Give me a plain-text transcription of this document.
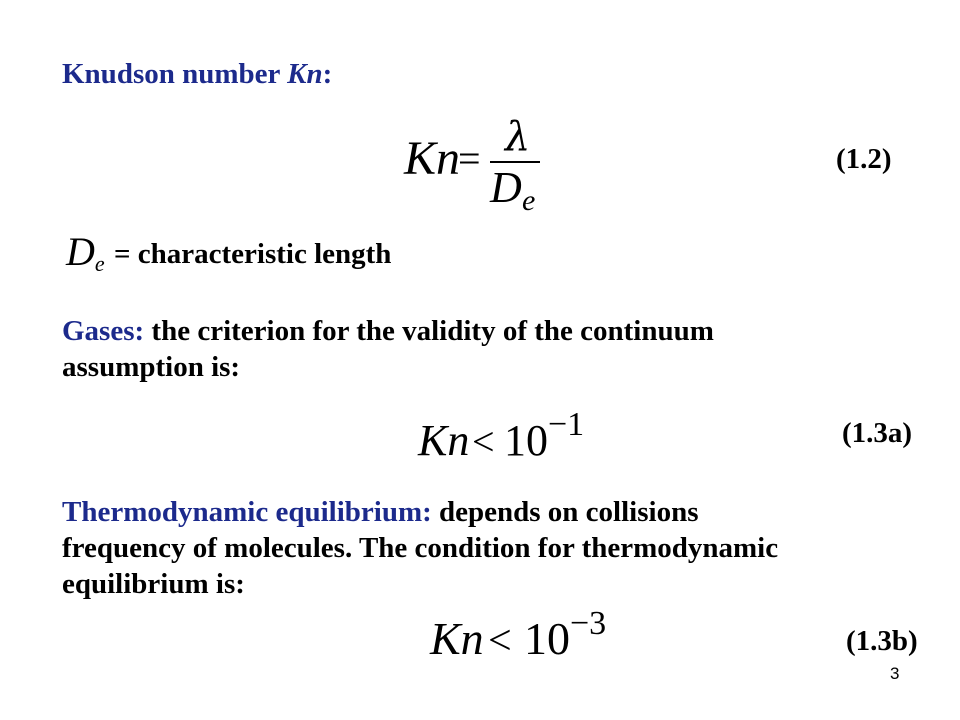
Knudson number Kn:
Kn
= λ
D e
(1.2)
De = characteristic length
Gases: the criterion for the validity of the continuum
assumption is:
Kn < 10 −1	(1.3a)
Thermodynamic equilibrium: depends on collisions
frequency of molecules. The condition for thermodynamic
equilibrium is:
Kn < 10 −3	(1.3b)
3
